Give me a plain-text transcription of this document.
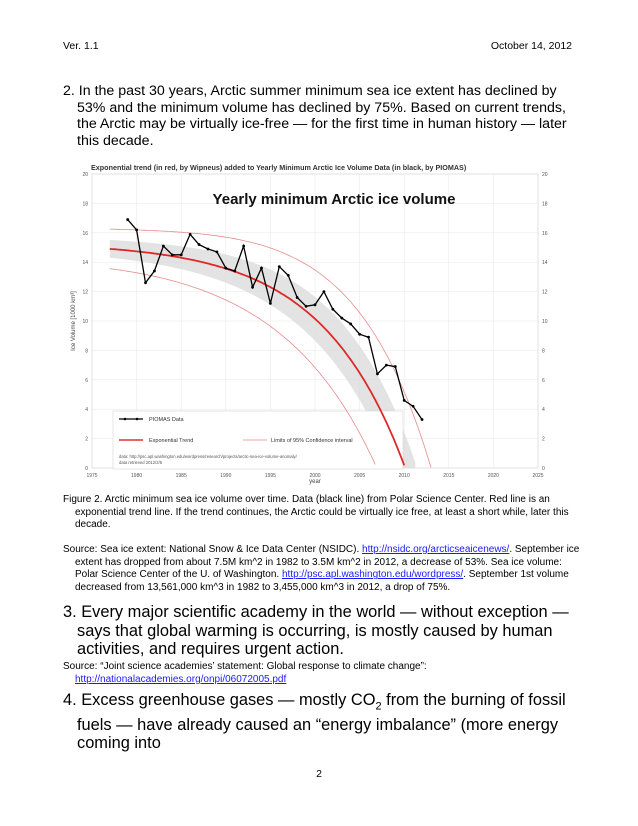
Ver. 1.1	October 14, 2012
2. In the past 30 years, Arctic summer minimum sea ice extent has declined by 53% and the minimum volume has declined by 75%. Based on current trends, the Arctic may be virtually ice-free — for the first time in human history — later this decade.
Exponential trend (in red, by Wipneus) added to Yearly Minimum Arctic Ice Volume Data (in black, by PIOMAS)
0
2
4
6
8
10
12
14
16
18
20
0
2
4
6
8
10
12
14
16
18
20
1975	1980	1985	1990	1995	2000	2005	2010	2015	2020	2025
Yearly minimum Arctic ice volume
Ice Volume [1000 km³]
year
PIOMAS Data
Exponential Trend	Limits of 95% Confidence interval
data: http://psc.apl.washington.edu/wordpress/research/projects/arctic-sea-ice-volume-anomaly/
data retrieved 2012/2/5
Figure 2. Arctic minimum sea ice volume over time. Data (black line) from Polar Science Center. Red line is an exponential trend line. If the trend continues, the Arctic could be virtually ice free, at least a short while, later this decade.
Source: Sea ice extent: National Snow & Ice Data Center (NSIDC). http://nsidc.org/arcticseaicenews/. September ice extent has dropped from about 7.5M km^2 in 1982 to 3.5M km^2 in 2012, a decrease of 53%. Sea ice volume: Polar Science Center of the U. of Washington. http://psc.apl.washington.edu/wordpress/. September 1st volume decreased from 13,561,000 km^3 in 1982 to 3,455,000 km^3 in 2012, a drop of 75%.
3. Every major scientific academy in the world — without exception — says that global warming is occurring, is mostly caused by human activities, and requires urgent action.
Source: “Joint science academies’ statement: Global response to climate change”:
http://nationalacademies.org/onpi/06072005.pdf
4. Excess greenhouse gases — mostly $CO_2$ from the burning of fossil fuels — have already caused an “energy imbalance” (more energy coming into
2
